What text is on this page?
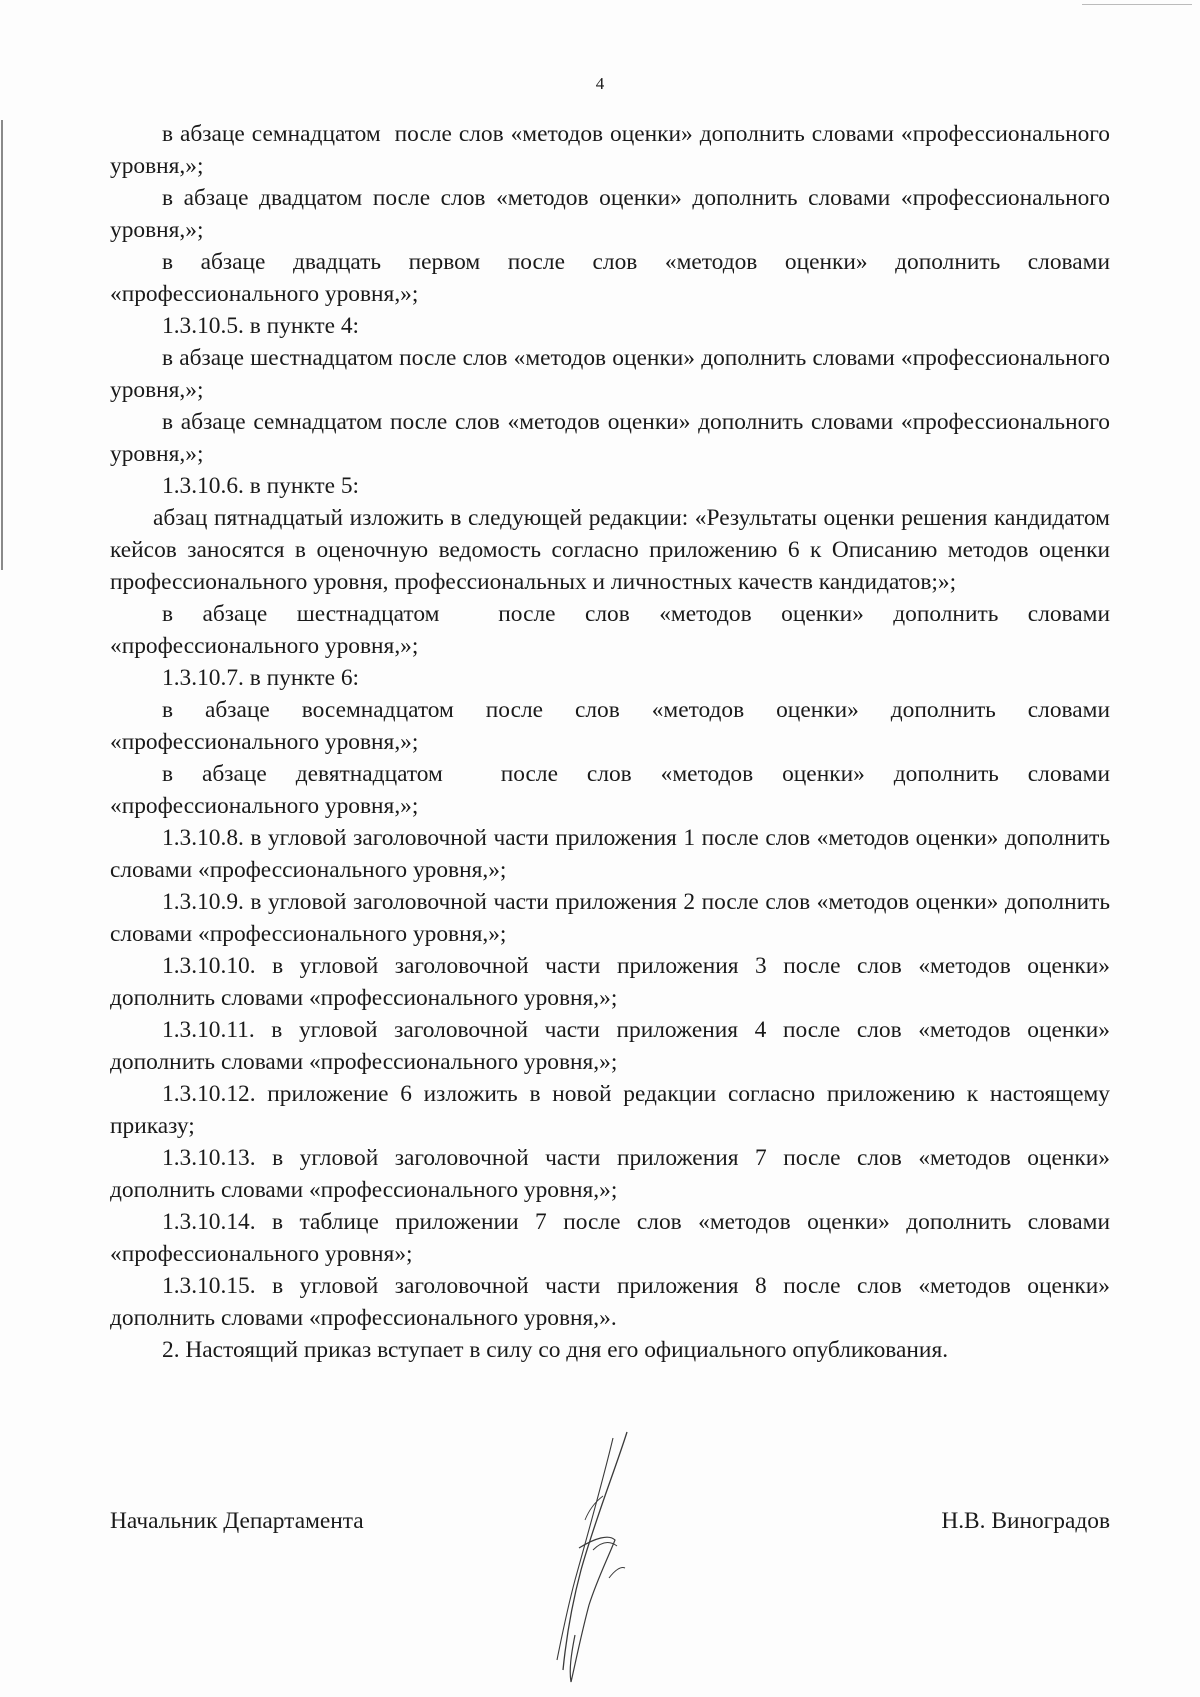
4

в абзаце семнадцатом  после слов «методов оценки» дополнить словами «профессионального уровня,»;

в абзаце двадцатом после слов «методов оценки» дополнить словами «профессионального уровня,»;

в абзаце двадцать первом после слов «методов оценки» дополнить словами «профессионального уровня,»;

1.3.10.5. в пункте 4:

в абзаце шестнадцатом после слов «методов оценки» дополнить словами «профессионального уровня,»;

в абзаце семнадцатом после слов «методов оценки» дополнить словами «профессионального уровня,»;

1.3.10.6. в пункте 5:

абзац пятнадцатый изложить в следующей редакции: «Результаты оценки решения кандидатом кейсов заносятся в оценочную ведомость согласно приложению 6 к Описанию методов оценки профессионального уровня, профессиональных и личностных качеств кандидатов;»;

в абзаце шестнадцатом  после слов «методов оценки» дополнить словами «профессионального уровня,»;

1.3.10.7. в пункте 6:

в абзаце восемнадцатом после слов «методов оценки» дополнить словами «профессионального уровня,»;

в абзаце девятнадцатом  после слов «методов оценки» дополнить словами «профессионального уровня,»;

1.3.10.8. в угловой заголовочной части приложения 1 после слов «методов оценки» дополнить словами «профессионального уровня,»;

1.3.10.9. в угловой заголовочной части приложения 2 после слов «методов оценки» дополнить словами «профессионального уровня,»;

1.3.10.10. в угловой заголовочной части приложения 3 после слов «методов оценки» дополнить словами «профессионального уровня,»;

1.3.10.11. в угловой заголовочной части приложения 4 после слов «методов оценки» дополнить словами «профессионального уровня,»;

1.3.10.12. приложение 6 изложить в новой редакции согласно приложению к настоящему приказу;

1.3.10.13. в угловой заголовочной части приложения 7 после слов «методов оценки» дополнить словами «профессионального уровня,»;

1.3.10.14. в таблице приложении 7 после слов «методов оценки» дополнить словами «профессионального уровня»;

1.3.10.15. в угловой заголовочной части приложения 8 после слов «методов оценки» дополнить словами «профессионального уровня,».

2. Настоящий приказ вступает в силу со дня его официального опубликования.

Начальник Департамента	Н.В. Виноградов
